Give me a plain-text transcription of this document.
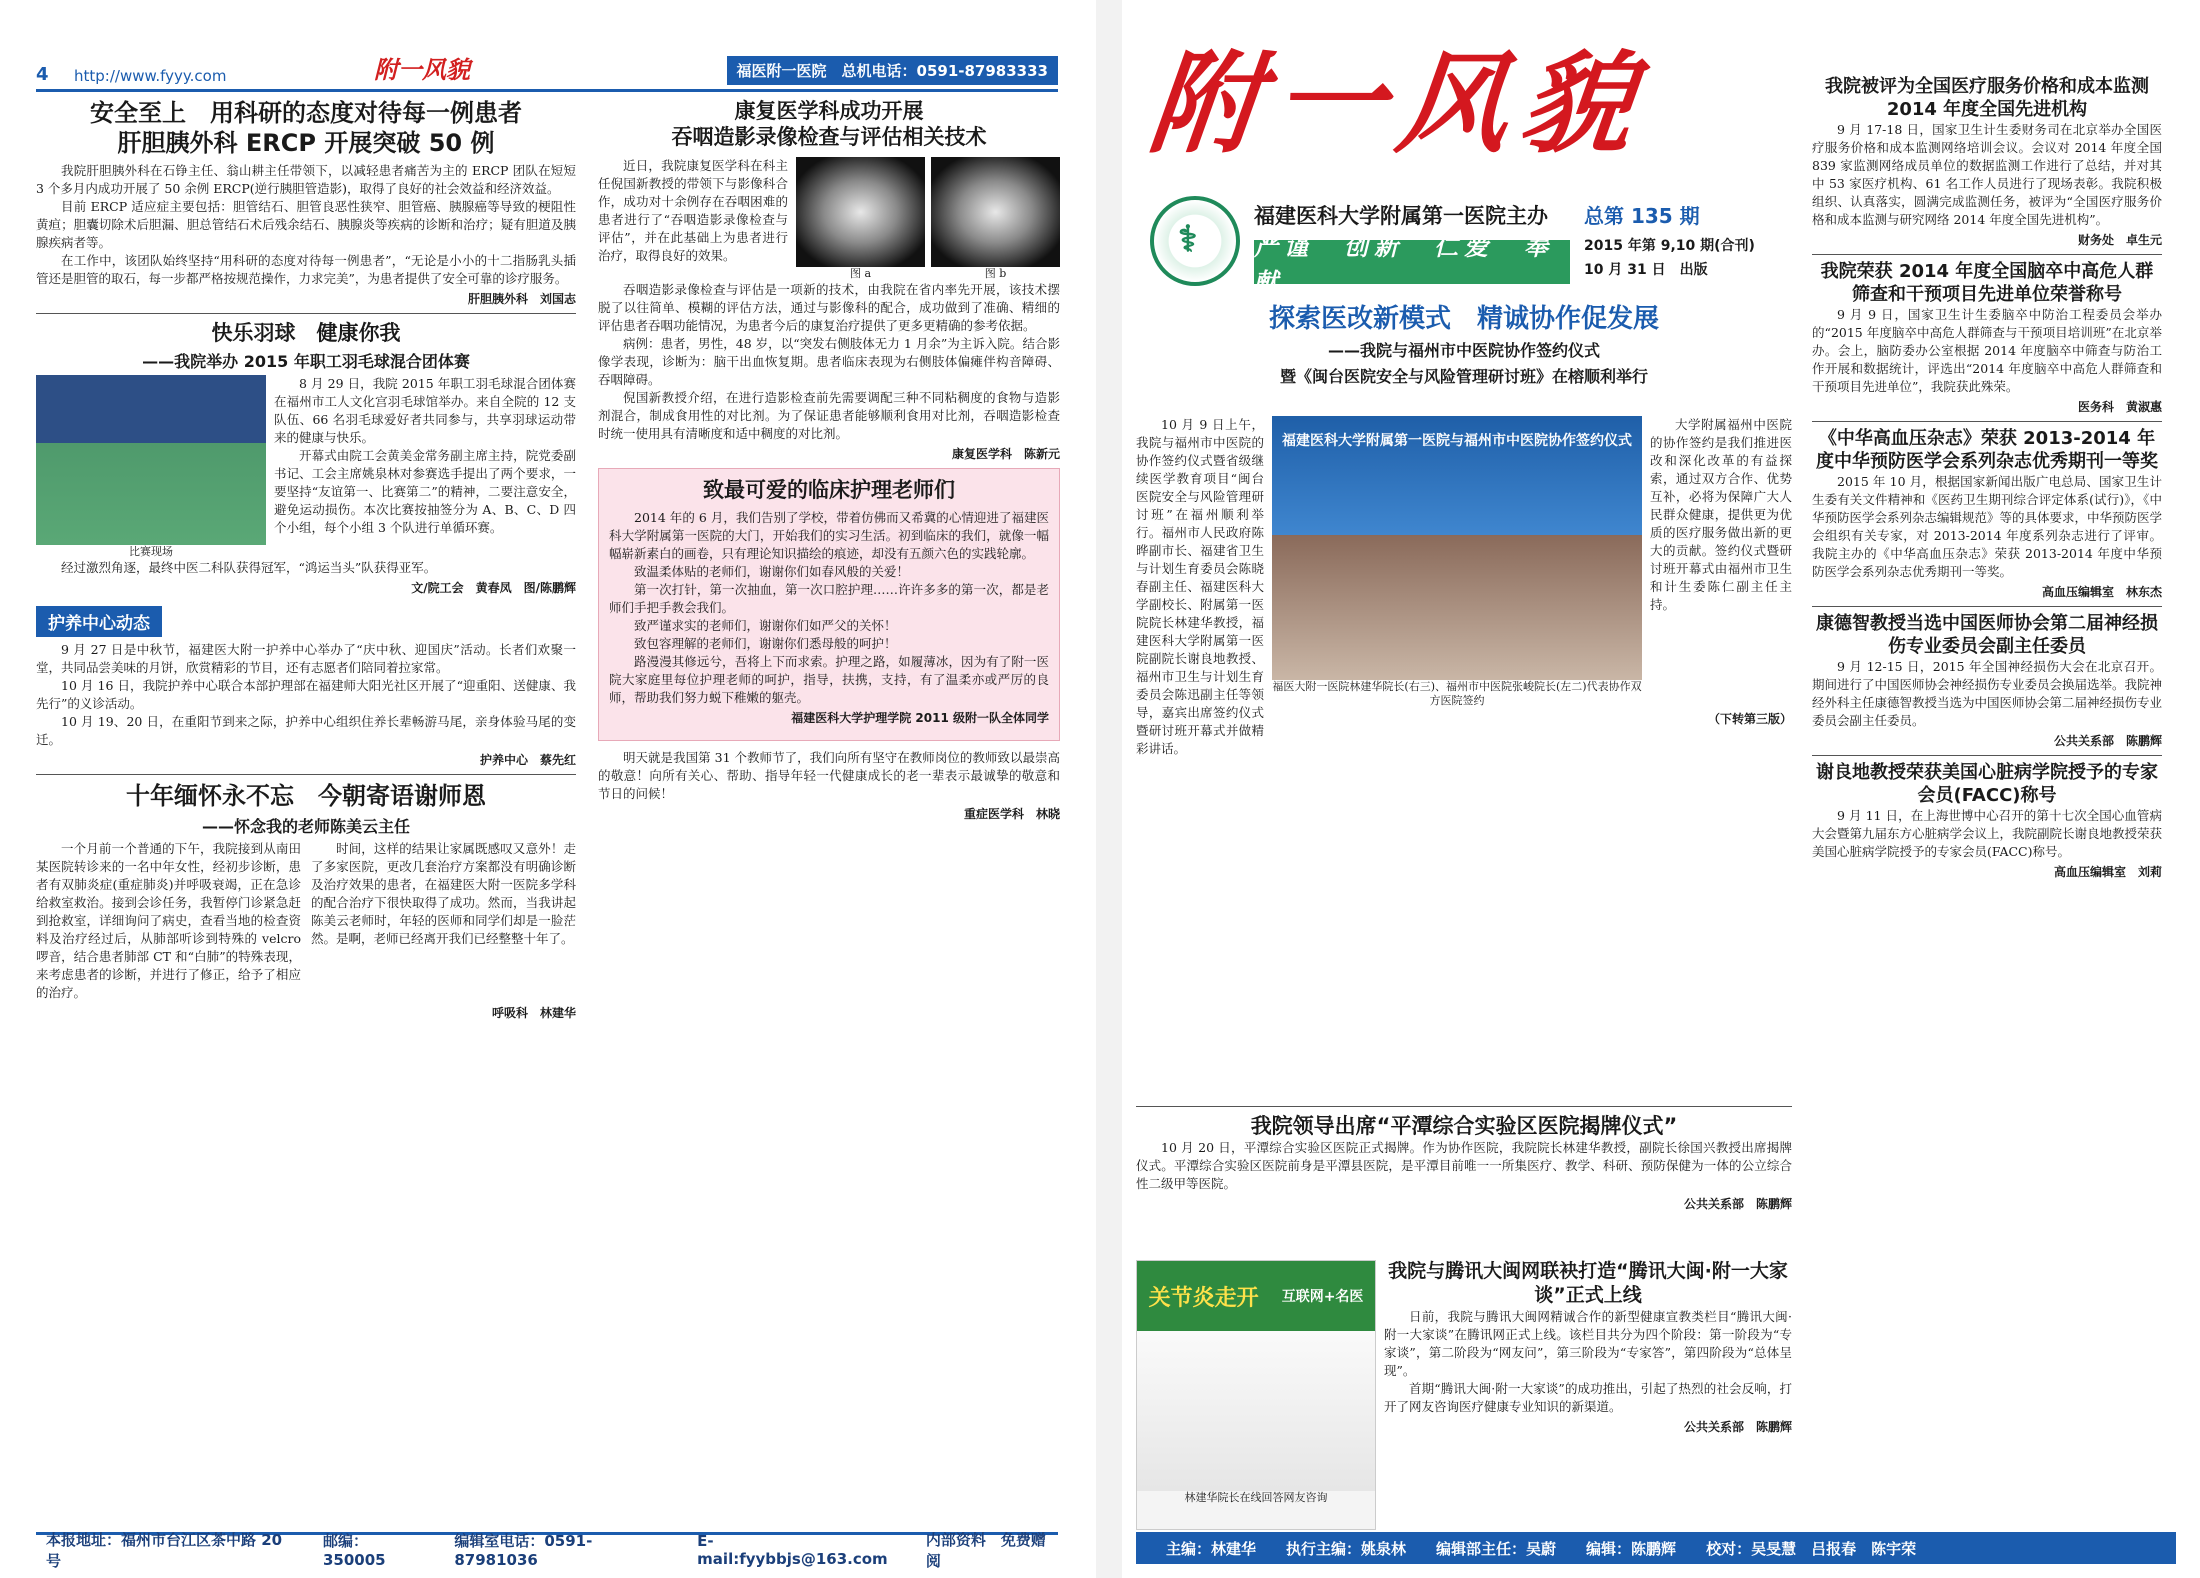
4	http://www.fyyy.com	附一风貌	福医附一医院　总机电话：0591-87983333
安全至上　用科研的态度对待每一例患者
肝胆胰外科 ERCP 开展突破 50 例

我院肝胆胰外科在石铮主任、翁山耕主任带领下，以减轻患者痛苦为主的 ERCP 团队在短短 3 个多月内成功开展了 50 余例 ERCP(逆行胰胆管造影)，取得了良好的社会效益和经济效益。

目前 ERCP 适应症主要包括：胆管结石、胆管良恶性狭窄、胆管癌、胰腺癌等导致的梗阻性黄疸；胆囊切除术后胆漏、胆总管结石术后残余结石、胰腺炎等疾病的诊断和治疗；疑有胆道及胰腺疾病者等。

在工作中，该团队始终坚持“用科研的态度对待每一例患者”，“无论是小小的十二指肠乳头插管还是胆管的取石，每一步都严格按规范操作，力求完美”，为患者提供了安全可靠的诊疗服务。

肝胆胰外科　刘国志
快乐羽球　健康你我
——我院举办 2015 年职工羽毛球混合团体赛
比赛现场

8 月 29 日，我院 2015 年职工羽毛球混合团体赛在福州市工人文化宫羽毛球馆举办。来自全院的 12 支队伍、66 名羽毛球爱好者共同参与，共享羽球运动带来的健康与快乐。

开幕式由院工会黄美金常务副主席主持，院党委副书记、工会主席姚泉林对参赛选手提出了两个要求，一要坚持“友谊第一、比赛第二”的精神，二要注意安全，避免运动损伤。本次比赛按抽签分为 A、B、C、D 四个小组，每个小组 3 个队进行单循环赛。

经过激烈角逐，最终中医二科队获得冠军，“鸿运当头”队获得亚军。

文/院工会　黄春凤　图/陈鹏辉
护养中心动态

9 月 27 日是中秋节，福建医大附一护养中心举办了“庆中秋、迎国庆”活动。长者们欢聚一堂，共同品尝美味的月饼，欣赏精彩的节目，还有志愿者们陪同着拉家常。

10 月 16 日，我院护养中心联合本部护理部在福建师大阳光社区开展了“迎重阳、送健康、我先行”的义诊活动。

10 月 19、20 日，在重阳节到来之际，护养中心组织住养长辈畅游马尾，亲身体验马尾的变迁。

护养中心　蔡先红
十年缅怀永不忘　今朝寄语谢师恩
——怀念我的老师陈美云主任

一个月前一个普通的下午，我院接到从南田某医院转诊来的一名中年女性，经初步诊断，患者有双肺炎症(重症肺炎)并呼吸衰竭，正在急诊给救室救治。接到会诊任务，我暂停门诊紧急赶到抢救室，详细询问了病史，查看当地的检查资料及治疗经过后，从肺部听诊到特殊的 velcro 啰音，结合患者肺部 CT 和“白肺”的特殊表现，来考虑患者的诊断，并进行了修正，给予了相应的治疗。

时间，这样的结果让家属既感叹又意外！走了多家医院，更改几套治疗方案都没有明确诊断及治疗效果的患者，在福建医大附一医院多学科的配合治疗下很快取得了成功。然而，当我讲起陈美云老师时，年轻的医师和同学们却是一脸茫然。是啊，老师已经离开我们已经整整十年了。

呼吸科　林建华
康复医学科成功开展
吞咽造影录像检查与评估相关技术

近日，我院康复医学科在科主任倪国新教授的带领下与影像科合作，成功对十余例存在吞咽困难的患者进行了“吞咽造影录像检查与评估”，并在此基础上为患者进行治疗，取得良好的效果。

图 a	图 b

吞咽造影录像检查与评估是一项新的技术，由我院在省内率先开展，该技术摆脱了以往简单、模糊的评估方法，通过与影像科的配合，成功做到了准确、精细的评估患者吞咽功能情况，为患者今后的康复治疗提供了更多更精确的参考依据。

病例：患者，男性，48 岁，以“突发右侧肢体无力 1 月余”为主诉入院。结合影像学表现，诊断为：脑干出血恢复期。患者临床表现为右侧肢体偏瘫伴构音障碍、吞咽障碍。

倪国新教授介绍，在进行造影检查前先需要调配三种不同粘稠度的食物与造影剂混合，制成食用性的对比剂。为了保证患者能够顺利食用对比剂，吞咽造影检查时统一使用具有清晰度和适中稠度的对比剂。

康复医学科　陈新元
致最可爱的临床护理老师们

2014 年的 6 月，我们告别了学校，带着仿佛而又希冀的心情迎进了福建医科大学附属第一医院的大门，开始我们的实习生活。初到临床的我们，就像一幅幅崭新素白的画卷，只有理论知识描绘的痕迹，却没有五颜六色的实践轮廓。

致温柔体贴的老师们，谢谢你们如春风般的关爱！

第一次打针，第一次抽血，第一次口腔护理……许许多多的第一次，都是老师们手把手教会我们。

致严谨求实的老师们，谢谢你们如严父的关怀！

致包容理解的老师们，谢谢你们悉母般的呵护！

路漫漫其修远兮，吾将上下而求索。护理之路，如履薄冰，因为有了附一医院大家庭里每位护理老师的呵护，指导，扶携，支持，有了温柔亦或严厉的良师，帮助我们努力蜕下稚嫩的躯壳。

福建医科大学护理学院 2011 级附一队全体同学

明天就是我国第 31 个教师节了，我们向所有坚守在教师岗位的教师致以最崇高的敬意！向所有关心、帮助、指导年轻一代健康成长的老一辈表示最诚挚的敬意和节日的问候！

重症医学科　林晓
本报地址：福州市台江区茶中路 20 号
邮编：350005
编辑室电话：0591-87981036
E-mail:fyybbjs@163.com
内部资料　免费赠阅
附一风貌
⚕
福建医科大学附属第一医院主办
严谨　创新　仁爱　奉献
总第 135 期
2015 年第 9,10 期(合刊)
10 月 31 日　出版
探索医改新模式　精诚协作促发展
——我院与福州市中医院协作签约仪式
暨《闽台医院安全与风险管理研讨班》在榕顺利举行

10 月 9 日上午，我院与福州市中医院的协作签约仪式暨省级继续医学教育项目“闽台医院安全与风险管理研讨班”在福州顺利举行。福州市人民政府陈晔副市长、福建省卫生与计划生育委员会陈晓春副主任、福建医科大学副校长、附属第一医院院长林建华教授，福建医科大学附属第一医院副院长谢良地教授、福州市卫生与计划生育委员会陈迅副主任等领导，嘉宾出席签约仪式暨研讨班开幕式并做精彩讲话。

福建医科大学附属第一医院与福州市中医院协作签约仪式
福医大附一医院林建华院长(右三)、福州市中医院张峻院长(左二)代表协作双方医院签约

大学附属福州中医院的协作签约是我们推进医改和深化改革的有益探索，通过双方合作、优势互补，必将为保障广大人民群众健康，提供更为优质的医疗服务做出新的更大的贡献。签约仪式暨研讨班开幕式由福州市卫生和计生委陈仁副主任主持。

（下转第三版）
我院领导出席“平潭综合实验区医院揭牌仪式”

10 月 20 日，平潭综合实验区医院正式揭牌。作为协作医院，我院院长林建华教授，副院长徐国兴教授出席揭牌仪式。平潭综合实验区医院前身是平潭县医院，是平潭目前唯一一所集医疗、教学、科研、预防保健为一体的公立综合性二级甲等医院。

公共关系部　陈鹏辉
关节炎走开 互联网+名医
林建华院长在线回答网友咨询
我院与腾讯大闽网联袂打造“腾讯大闽·附一大家谈”正式上线

日前，我院与腾讯大闽网精诚合作的新型健康宣教类栏目“腾讯大闽·附一大家谈”在腾讯网正式上线。该栏目共分为四个阶段：第一阶段为“专家谈”，第二阶段为“网友问”，第三阶段为“专家答”，第四阶段为“总体呈现”。

首期“腾讯大闽·附一大家谈”的成功推出，引起了热烈的社会反响，打开了网友咨询医疗健康专业知识的新渠道。

公共关系部　陈鹏辉
我院被评为全国医疗服务价格和成本监测 2014 年度全国先进机构

9 月 17-18 日，国家卫生计生委财务司在北京举办全国医疗服务价格和成本监测网络培训会议。会议对 2014 年度全国 839 家监测网络成员单位的数据监测工作进行了总结，并对其中 53 家医疗机构、61 名工作人员进行了现场表彰。我院积极组织、认真落实，圆满完成监测任务，被评为“全国医疗服务价格和成本监测与研究网络 2014 年度全国先进机构”。

财务处　卓生元
我院荣获 2014 年度全国脑卒中高危人群筛查和干预项目先进单位荣誉称号

9 月 9 日，国家卫生计生委脑卒中防治工程委员会举办的“2015 年度脑卒中高危人群筛查与干预项目培训班”在北京举办。会上，脑防委办公室根据 2014 年度脑卒中筛查与防治工作开展和数据统计，评选出“2014 年度脑卒中高危人群筛查和干预项目先进单位”，我院获此殊荣。

医务科　黄淑惠
《中华高血压杂志》荣获 2013-2014 年度中华预防医学会系列杂志优秀期刊一等奖

2015 年 10 月，根据国家新闻出版广电总局、国家卫生计生委有关文件精神和《医药卫生期刊综合评定体系(试行)》，《中华预防医学会系列杂志编辑规范》等的具体要求，中华预防医学会组织有关专家，对 2013-2014 年度系列杂志进行了评审。我院主办的《中华高血压杂志》荣获 2013-2014 年度中华预防医学会系列杂志优秀期刊一等奖。

高血压编辑室　林东杰
康德智教授当选中国医师协会第二届神经损伤专业委员会副主任委员

9 月 12-15 日，2015 年全国神经损伤大会在北京召开。期间进行了中国医师协会神经损伤专业委员会换届选举。我院神经外科主任康德智教授当选为中国医师协会第二届神经损伤专业委员会副主任委员。

公共关系部　陈鹏辉
谢良地教授荣获美国心脏病学院授予的专家会员(FACC)称号

9 月 11 日，在上海世博中心召开的第十七次全国心血管病大会暨第九届东方心脏病学会议上，我院副院长谢良地教授荣获美国心脏病学院授予的专家会员(FACC)称号。

高血压编辑室　刘莉
主编：林建华 执行主编：姚泉林 编辑部主任：吴蔚 编辑：陈鹏辉 校对：吴旻慧　吕报春　陈宇荣
